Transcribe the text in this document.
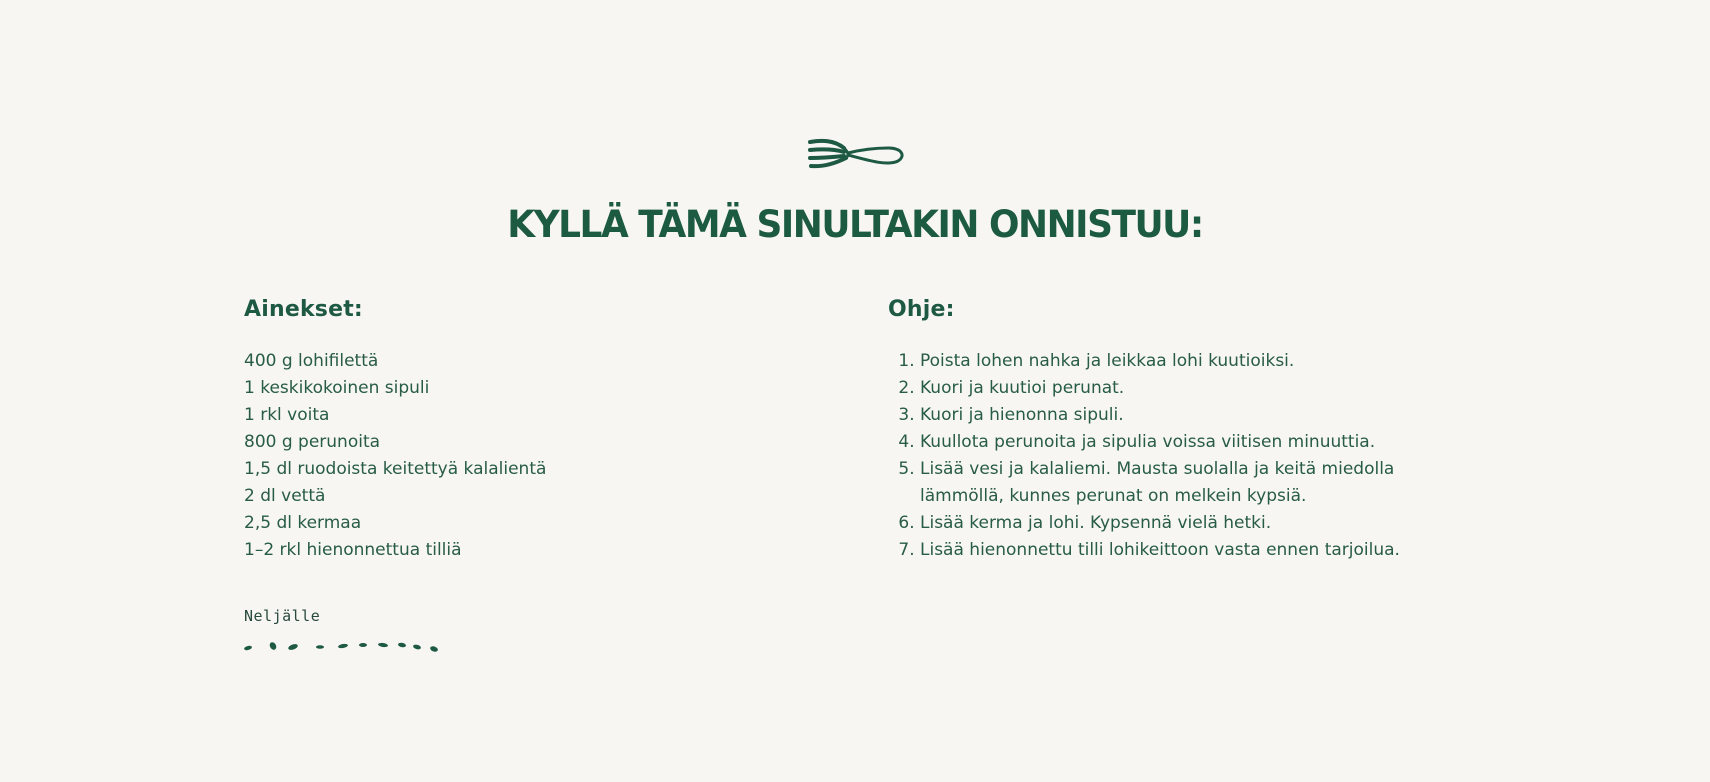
KYLLÄ TÄMÄ SINULTAKIN ONNISTUU:
Ainekset:
400 g lohifilettä
1 keskikokoinen sipuli
1 rkl voita
800 g perunoita
1,5 dl ruodoista keitettyä kalalientä
2 dl vettä
2,5 dl kermaa
1–2 rkl hienonnettua tilliä
Ohje:
1. Poista lohen nahka ja leikkaa lohi kuutioiksi.
2. Kuori ja kuutioi perunat.
3. Kuori ja hienonna sipuli.
4. Kuullota perunoita ja sipulia voissa viitisen minuuttia.
5. Lisää vesi ja kalaliemi. Mausta suolalla ja keitä miedolla lämmöllä, kunnes perunat on melkein kypsiä.
6. Lisää kerma ja lohi. Kypsennä vielä hetki.
7. Lisää hienonnettu tilli lohikeittoon vasta ennen tarjoilua.
Neljälle
